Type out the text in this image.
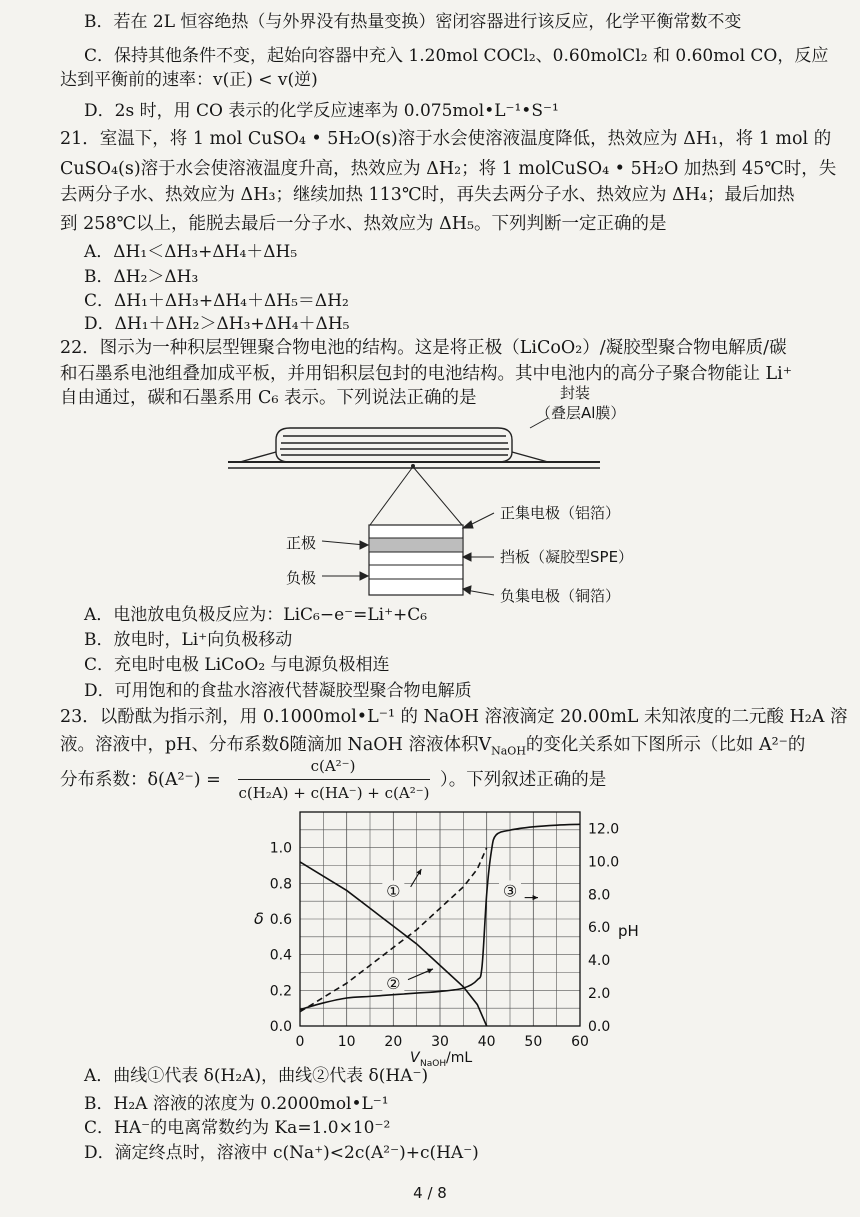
B．若在 2L 恒容绝热（与外界没有热量变换）密闭容器进行该反应，化学平衡常数不变
C．保持其他条件不变，起始向容器中充入 1.20mol COCl₂、0.60molCl₂ 和 0.60mol CO，反应
达到平衡前的速率：v(正) < v(逆)
D．2s 时，用 CO 表示的化学反应速率为 0.075mol•L⁻¹•S⁻¹
21．室温下，将 1 mol CuSO₄ • 5H₂O(s)溶于水会使溶液温度降低，热效应为 ΔH₁，将 1 mol 的
CuSO₄(s)溶于水会使溶液温度升高，热效应为 ΔH₂；将 1 molCuSO₄ • 5H₂O 加热到 45℃时，失
去两分子水、热效应为 ΔH₃；继续加热 113℃时，再失去两分子水、热效应为 ΔH₄；最后加热
到 258℃以上，能脱去最后一分子水、热效应为 ΔH₅。下列判断一定正确的是
A．ΔH₁＜ΔH₃+ΔH₄＋ΔH₅
B．ΔH₂＞ΔH₃
C．ΔH₁＋ΔH₃+ΔH₄＋ΔH₅＝ΔH₂
D．ΔH₁＋ΔH₂＞ΔH₃+ΔH₄＋ΔH₅
22．图示为一种积层型锂聚合物电池的结构。这是将正极（LiCoO₂）/凝胶型聚合物电解质/碳
和石墨系电池组叠加成平板，并用铝积层包封的电池结构。其中电池内的高分子聚合物能让 Li⁺
自由通过，碳和石墨系用 C₆ 表示。下列说法正确的是	封装
（叠层Al膜）
正极
负极
正集电极（铝箔）
挡板（凝胶型SPE）
负集电极（铜箔）
A．电池放电负极反应为：LiC₆−e⁻=Li⁺+C₆
B．放电时，Li⁺向负极移动
C．充电时电极 LiCoO₂ 与电源负极相连
D．可用饱和的食盐水溶液代替凝胶型聚合物电解质
23．以酚酞为指示剂，用 0.1000mol•L⁻¹ 的 NaOH 溶液滴定 20.00mL 未知浓度的二元酸 H₂A 溶
液。溶液中，pH、分布系数δ随滴加 NaOH 溶液体积$V_{NaOH}$的变化关系如下图所示（比如 A²⁻的
分布系数：δ(A²⁻) =
c(A²⁻)
c(H₂A) + c(HA⁻) + c(A²⁻)
）。下列叙述正确的是
0 10 20 30 40 50 60
0.0
0.2
0.4
0.6
0.8
1.0
0.0
2.0
4.0
6.0
8.0
10.0
12.0
δ
pH
V NaOH /mL
①
②
③
A．曲线①代表 δ(H₂A)，曲线②代表 δ(HA⁻)
B．H₂A 溶液的浓度为 0.2000mol•L⁻¹
C．HA⁻的电离常数约为 Ka=1.0×10⁻²
D．滴定终点时，溶液中 c(Na⁺)<2c(A²⁻)+c(HA⁻)
4 / 8
